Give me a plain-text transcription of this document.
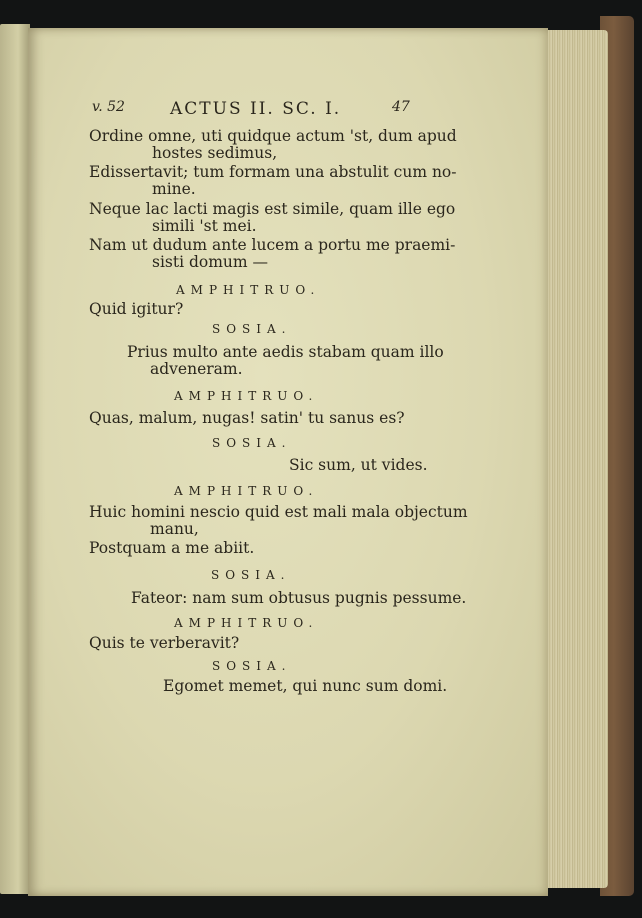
v. 52	ACTUS II. SC. I.	47
Ordine omne, uti quidque actum 'st, dum apud
hostes sedimus,
Edissertavit; tum formam una abstulit cum no-
mine.
Neque lac lacti magis est simile, quam ille ego
simili 'st mei.
Nam ut dudum ante lucem a portu me praemi-
sisti domum —
AMPHITRUO.
Quid igitur?
SOSIA.
Prius multo ante aedis stabam quam illo
adveneram.
AMPHITRUO.
Quas, malum, nugas! satin' tu sanus es?
SOSIA.
Sic sum, ut vides.
AMPHITRUO.
Huic homini nescio quid est mali mala objectum
manu,
Postquam a me abiit.
SOSIA.
Fateor: nam sum obtusus pugnis pessume.
AMPHITRUO.
Quis te verberavit?
SOSIA.
Egomet memet, qui nunc sum domi.
